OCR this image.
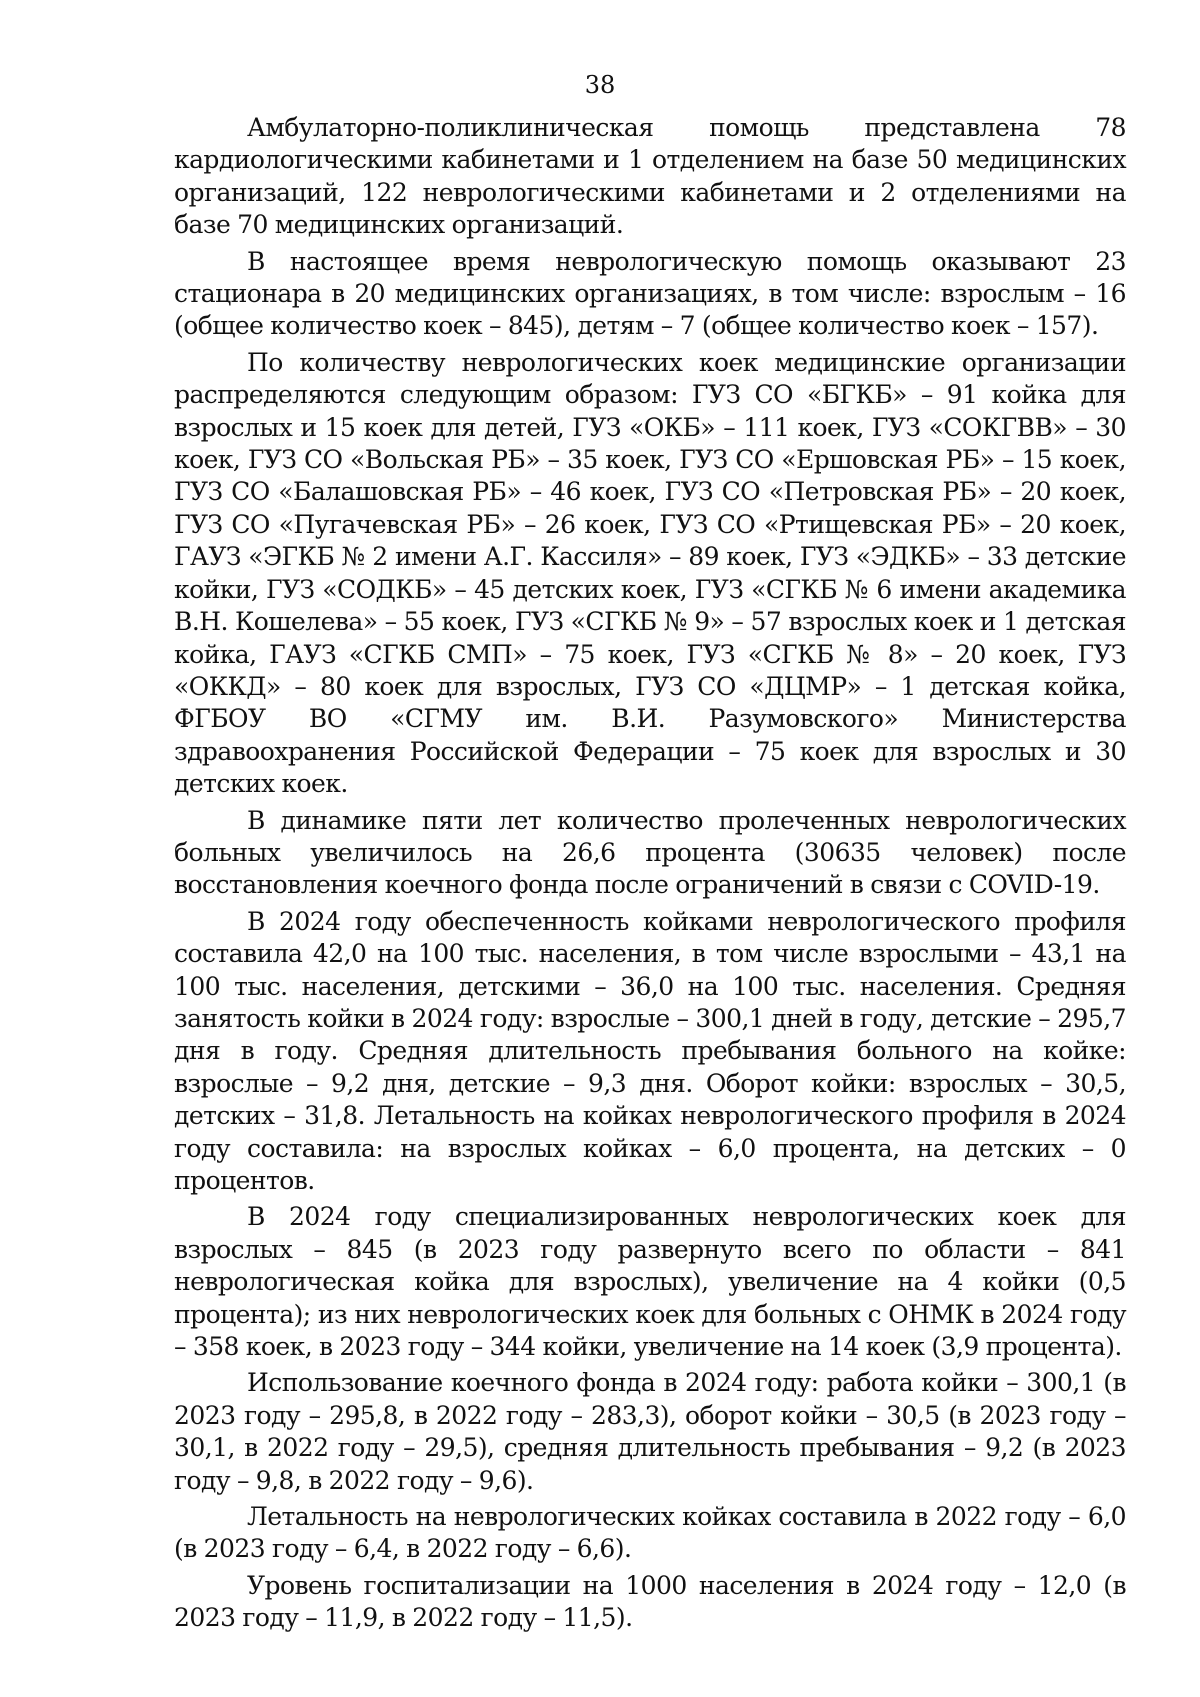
38

Амбулаторно-поликлиническая помощь представлена 78 кардиологическими кабинетами и 1 отделением на базе 50 медицинских организаций, 122 неврологическими кабинетами и 2 отделениями на базе 70 медицинских организаций.

В настоящее время неврологическую помощь оказывают 23 стационара в 20 медицинских организациях, в том числе: взрослым – 16 (общее количество коек – 845), детям – 7 (общее количество коек – 157).

По количеству неврологических коек медицинские организации распределяются следующим образом: ГУЗ СО «БГКБ» – 91 койка для взрослых и 15 коек для детей, ГУЗ «ОКБ» – 111 коек, ГУЗ «СОКГВВ» – 30 коек, ГУЗ СО «Вольская РБ» – 35 коек, ГУЗ СО «Ершовская РБ» – 15 коек, ГУЗ СО «Балашовская РБ» – 46 коек, ГУЗ СО «Петровская РБ» – 20 коек, ГУЗ СО «Пугачевская РБ» – 26 коек, ГУЗ СО «Ртищевская РБ» – 20 коек, ГАУЗ «ЭГКБ № 2 имени А.Г. Кассиля» – 89 коек, ГУЗ «ЭДКБ» – 33 детские койки, ГУЗ «СОДКБ» – 45 детских коек, ГУЗ «СГКБ № 6 имени академика В.Н. Кошелева» – 55 коек, ГУЗ «СГКБ № 9» – 57 взрослых коек и 1 детская койка, ГАУЗ «СГКБ СМП» – 75 коек, ГУЗ «СГКБ № 8» – 20 коек, ГУЗ «ОККД» – 80 коек для взрослых, ГУЗ СО «ДЦМР» – 1 детская койка, ФГБОУ ВО «СГМУ им. В.И. Разумовского» Министерства здравоохранения Российской Федерации – 75 коек для взрослых и 30 детских коек.

В динамике пяти лет количество пролеченных неврологических больных увеличилось на 26,6 процента (30635 человек) после восстановления коечного фонда после ограничений в связи с COVID-19.

В 2024 году обеспеченность койками неврологического профиля составила 42,0 на 100 тыс. населения, в том числе взрослыми – 43,1 на 100 тыс. населения, детскими – 36,0 на 100 тыс. населения. Средняя занятость койки в 2024 году: взрослые – 300,1 дней в году, детские – 295,7 дня в году. Средняя длительность пребывания больного на койке: взрослые – 9,2 дня, детские – 9,3 дня. Оборот койки: взрослых – 30,5, детских – 31,8. Летальность на койках неврологического профиля в 2024 году составила: на взрослых койках – 6,0 процента, на детских – 0 процентов.

В 2024 году специализированных неврологических коек для взрослых – 845 (в 2023 году развернуто всего по области – 841 неврологическая койка для взрослых), увеличение на 4 койки (0,5 процента); из них неврологических коек для больных с ОНМК в 2024 году – 358 коек, в 2023 году – 344 койки, увеличение на 14 коек (3,9 процента).

Использование коечного фонда в 2024 году: работа койки – 300,1 (в 2023 году – 295,8, в 2022 году – 283,3), оборот койки – 30,5 (в 2023 году – 30,1, в 2022 году – 29,5), средняя длительность пребывания – 9,2 (в 2023 году – 9,8, в 2022 году – 9,6).

Летальность на неврологических койках составила в 2022 году – 6,0 (в 2023 году – 6,4, в 2022 году – 6,6).

Уровень госпитализации на 1000 населения в 2024 году – 12,0 (в 2023 году – 11,9, в 2022 году – 11,5).
